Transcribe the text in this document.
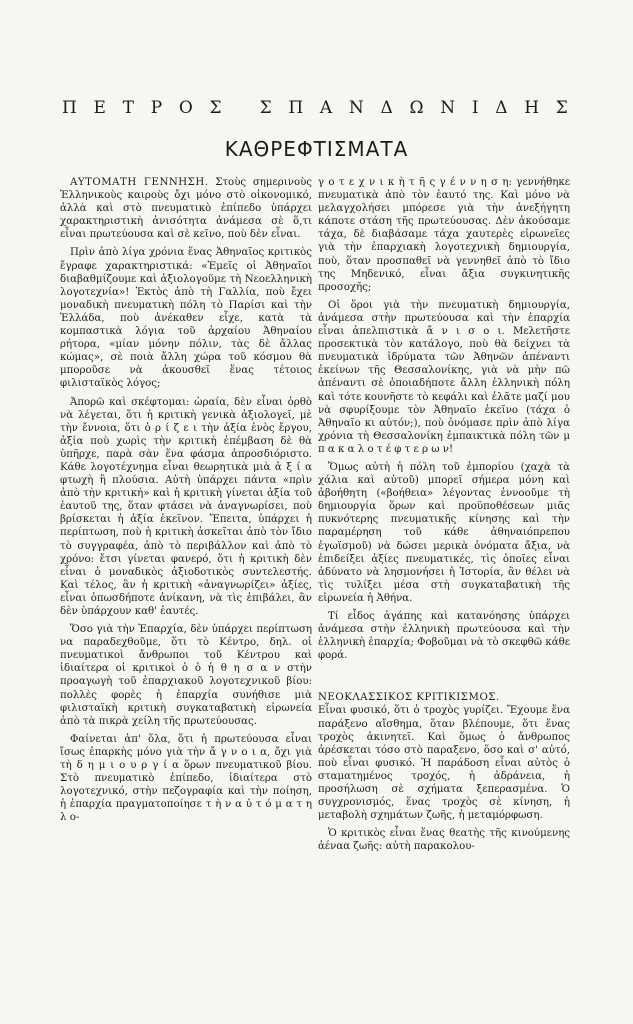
Π Ε Τ Ρ Ο Σ Σ Π Α Ν Δ Ω Ν Ι Δ Η Σ
ΚΑΘΡΕΦΤΙΣΜΑΤΑ

ΑΥΤΟΜΑΤΗ ΓΕΝΝΗΣΗ. Στοὺς σημερινοὺς Ἑλληνικοὺς καιροὺς ὄχι μόνο στὸ οἰκονομικό, ἀλλὰ καὶ στὸ πνευματικὸ ἐπίπεδο ὑπάρχει χαρακτηριστικὴ ἀνισότητα ἀνάμεσα σὲ ὅ,τι εἶναι πρωτεύουσα καὶ σὲ κεῖνο, ποὺ δὲν εἶναι.

Πρὶν ἀπὸ λίγα χρόνια ἕνας Ἀθηναῖος κριτικὸς ἔγραφε χαρακτηριστικά: «Ἐμεῖς οἱ Ἀθηναῖοι διαβαθμίζουμε καὶ ἀξιολογοῦμε τὴ Νεοελληνικὴ λογοτεχνία»! Ἐκτὸς ἀπὸ τὴ Γαλλία, ποὺ ἔχει μοναδικὴ πνευματικὴ πόλη τὸ Παρίσι καὶ τὴν Ἑλλάδα, ποὺ ἀνέκαθεν εἶχε, κατὰ τὰ κομπαστικὰ λόγια τοῦ ἀρχαίου Ἀθηναίου ρήτορα, «μίαν μόνην πόλιν, τὰς δὲ ἄλλας κώμας», σὲ ποιὰ ἄλλη χώρα τοῦ κόσμου θὰ μποροῦσε νὰ ἀκουσθεῖ ἕνας τέτοιος φιλισταϊκὸς λόγος;

Ἀπορῶ καὶ σκέφτομαι: ὡραία, δὲν εἶναι ὀρθὸ νὰ λέγεται, ὅτι ἡ κριτικὴ γενικὰ ἀξιολογεῖ, μὲ τὴν ἔννοια, ὅτι ὁ ρ ί ζ ε ι τὴν ἀξία ἑνὸς ἔργου, ἀξία ποὺ χωρὶς τὴν κριτικὴ ἐπέμβαση δὲ θὰ ὑπῆρχε, παρὰ σὰν ἕνα φάσμα ἀπροσδιόριστο. Κάθε λογοτέχνημα εἶναι θεωρητικὰ μιὰ ἀ ξ ί α φτωχὴ ἢ πλούσια. Αὐτὴ ὑπάρχει πάντα «πρὶν ἀπὸ τὴν κριτική» καὶ ἡ κριτικὴ γίνεται ἀξία τοῦ ἑαυτοῦ της, ὅταν φτάσει νὰ ἀναγνωρίσει, ποὺ βρίσκεται ἡ ἀξία ἐκεῖνον. Ἔπειτα, ὑπάρχει ἡ περίπτωση, ποὺ ἡ κριτικὴ ἀσκεῖται ἀπὸ τὸν ἴδιο τὸ συγγραφέα, ἀπὸ τὸ περιβάλλον καὶ ἀπὸ τὸ χρόνο: ἔτσι γίνεται φανερό, ὅτι ἡ κριτικὴ δὲν εἶναι ὁ μοναδικὸς ἀξιοδοτικὸς συντελεστής. Καὶ τέλος, ἂν ἡ κριτικὴ «ἀναγνωρίζει» ἀξίες, εἶναι ὁπωσδήποτε ἀνίκανη, νὰ τὶς ἐπιβάλει, ἂν δὲν ὑπάρχουν καθ' ἑαυτές.

Ὅσο γιὰ τὴν Ἐπαρχία, δὲν ὑπάρχει περίπτωση να παραδεχθοῦμε, ὅτι τὸ Κέντρο, δηλ. οἱ πνευματικοὶ ἄνθρωποι τοῦ Κέντρου καὶ ἰδιαίτερα οἱ κριτικοὶ ὁ ὁ ἡ θ η σ α ν στὴν προαγωγὴ τοῦ ἐπαρχιακοῦ λογοτεχνικοῦ βίου: πολλὲς φορὲς ἡ ἐπαρχία συνήθισε μιὰ φιλισταϊκὴ κριτικὴ συγκαταβατικὴ εἰρωνεία ἀπὸ τὰ πικρὰ χείλη τῆς πρωτεύουσας.

Φαίνεται ἀπ' ὅλα, ὅτι ἡ πρωτεύουσα εἶναι ἴσως ἐπαρκὴς μόνο γιὰ τὴν ἄ γ ν ο ι α, ὄχι γιὰ τὴ δ η μ ι ο υ ρ γ ί α ὅρων πνευματικοῦ βίου. Στὸ πνευματικὸ ἐπίπεδο, ἰδιαίτερα στὸ λογοτεχνικό, στὴν πεζογραφία καὶ τὴν ποίηση, ἡ ἐπαρχία πραγματοποίησε τ ὴ ν α ὐ τ ό μ α τ η λ ο-

γ ο τ ε χ ν ι κ ὴ τ ῆ ς γ έ ν ν η σ η: γεννήθηκε πνευματικὰ ἀπὸ τὸν ἑαυτό της. Καὶ μόνο νὰ μελαγχολήσει μπόρεσε γιὰ τὴν ἀνεξήγητη κάποτε στάση τῆς πρωτεύουσας. Δὲν ἀκούσαμε τάχα, δὲ διαβάσαμε τάχα χαυτερὲς εἰρωνεῖες γιὰ τὴν ἐπαρχιακὴ λογοτεχνικὴ δημιουργία, ποὺ, ὅταν προσπαθεῖ νὰ γεννηθεῖ ἀπὸ τὸ ἴδιο της Μηδενικό, εἶναι ἄξια συγκινητικῆς προσοχῆς;

Οἱ ὅροι γιὰ τὴν πνευματικὴ δημιουργία, ἀνάμεσα στὴν πρωτεύουσα καὶ τὴν ἐπαρχία εἶναι ἀπελπιστικὰ ἄ ν ι σ ο ι. Μελετῆστε προσεκτικὰ τὸν κατάλογο, ποὺ θὰ δείχνει τὰ πνευματικὰ ἱδρύματα τῶν Ἀθηνῶν ἀπέναντι ἐκείνων τῆς Θεσσαλονίκης, γιὰ νὰ μὴν πῶ ἀπέναντι σὲ ὁποιαδήποτε ἄλλη ἑλληνικὴ πόλη καὶ τότε κουνῆστε τὸ κεφάλι καὶ ἐλᾶτε μαζί μου νὰ σφυρίξουμε τὸν Ἀθηναῖο ἐκεῖνο (τάχα ὁ Ἀθηναῖο κι αὐτόν;), ποὺ ὀνόμασε πρὶν ἀπὸ λίγα χρόνια τὴ Θεσσαλονίκη ἐμπαικτικὰ πόλη τῶν μ π α κ α λ ο τ έ φ τ ε ρ ω ν!

Ὅμως αὐτὴ ἡ πόλη τοῦ ἐμπορίου (χαχὰ τὰ χάλια καὶ αὐτοῦ) μπορεῖ σήμερα μόνη καὶ ἀβοήθητη («βοήθεια» λέγοντας ἐννοοῦμε τὴ δημιουργία ὅρων καὶ προϋποθέσεων μιᾶς πυκνότερης πνευματικῆς κίνησης καὶ τὴν παραμέρηση τοῦ κάθε ἀθηναιόπρεπου ἐγωϊσμοῦ) νὰ δώσει μερικὰ ὀνόματα ἄξια, νὰ ἐπιδείξει ἀξίες πνευματικές, τὶς ὁποῖες εἶναι ἀδύνατο νὰ λησμονήσει ἡ Ἱστορία, ἂν θέλει νὰ τὶς τυλίξει μέσα στὴ συγκαταβατικὴ τῆς εἰρωνεία ἡ Ἀθήνα.

Τί εἶδος ἀγάπης καὶ κατανόησης ὑπάρχει ἀνάμεσα στὴν ἑλληνικὴ πρωτεύουσα καὶ τὴν ἑλληνικὴ ἐπαρχία; Φοβοῦμαι νὰ τὸ σκεφθῶ κάθε φορά.

ΝΕΟΚΛΑΣΣΙΚΟΣ ΚΡΙΤΙΚΙΣΜΟΣ.
Εἶναι φυσικό, ὅτι ὁ τροχὸς γυρίζει. Ἔχουμε ἕνα παράξενο αἴσθημα, ὅταν βλέπουμε, ὅτι ἕνας τροχὸς ἀκινητεῖ. Καὶ ὅμως ὁ ἄνθρωπος ἀρέσκεται τόσο στὸ παραξενο, ὅσο καὶ σ' αὐτό, ποὺ εἶναι φυσικό. Ἡ παράδοση εἶναι αὐτὸς ὁ σταματημένος τροχός, ἡ ἀδράνεια, ἡ προσήλωση σὲ σχήματα ξεπερασμένα. Ὁ συγχρονισμός, ἕνας τροχὸς σὲ κίνηση, ἡ μεταβολὴ σχημάτων ζωῆς, ἡ μεταμόρφωση.

Ὁ κριτικὸς εἶναι ἕνας θεατὴς τῆς κινούμενης ἀέναα ζωῆς: αὐτὴ παρακολου-
